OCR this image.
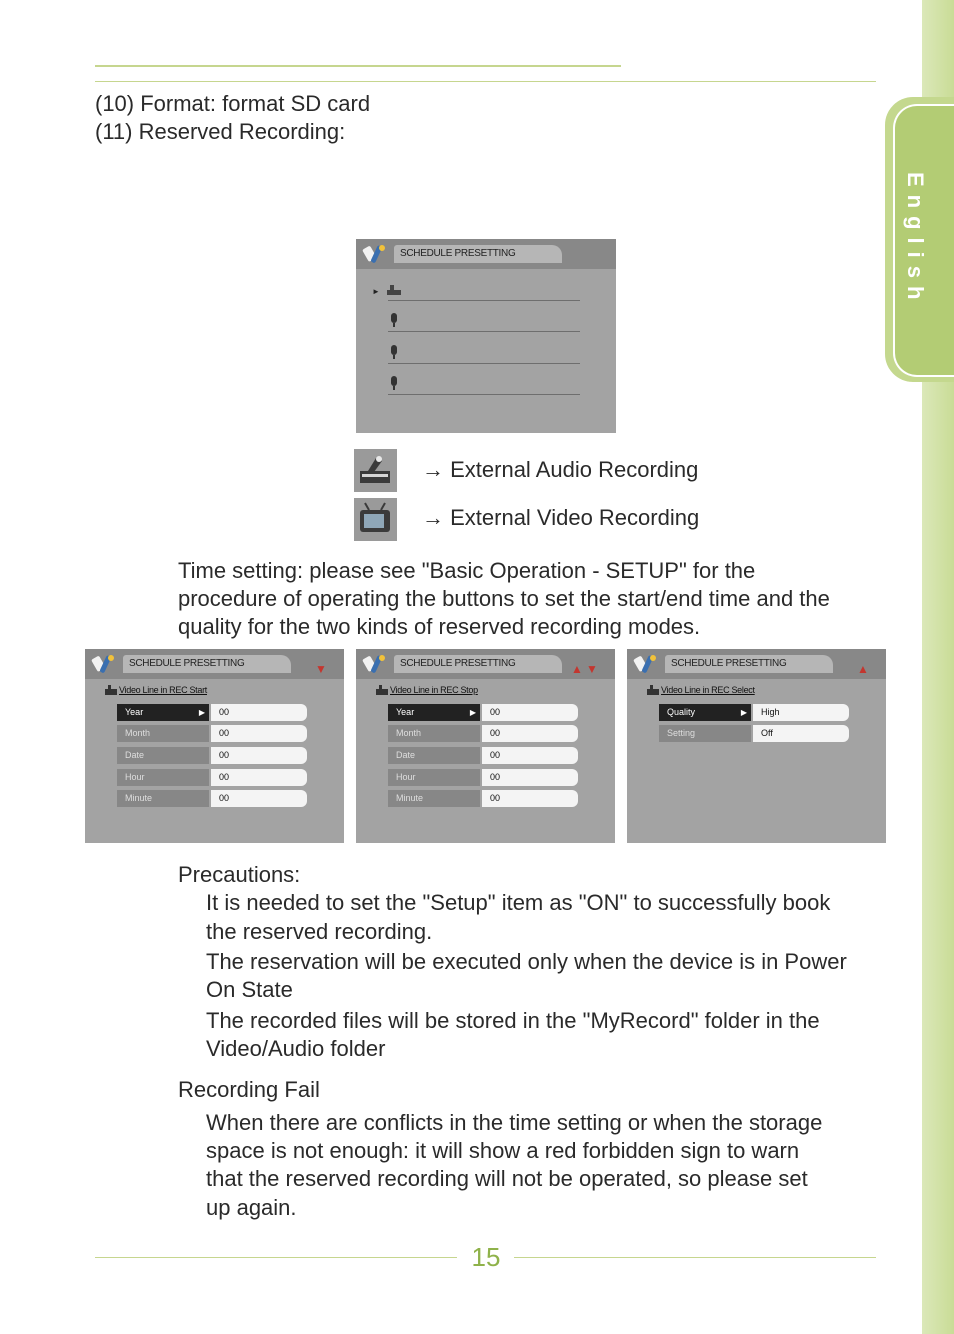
English
(10) Format: format SD card
(11) Reserved Recording:
SCHEDULE PRESETTING
►
→ External Audio Recording
→ External Video Recording
Time setting: please see "Basic Operation - SETUP" for the
procedure of operating the buttons to set the start/end time and the
quality for the two kinds of reserved recording modes.
SCHEDULE PRESETTING	▼
Video Line in REC Start
Year ▶	00
Month	00
Date	00
Hour	00
Minute	00
SCHEDULE PRESETTING	▲ ▼
Video Line in REC Stop
Year ▶	00
Month	00
Date	00
Hour	00
Minute	00
SCHEDULE PRESETTING	▲
Video Line in REC Select
Quality ▶	High
Setting	Off
Precautions:
It is needed to set the "Setup" item as "ON" to successfully book
the reserved recording.
The reservation will be executed only when the device is in Power
On State
The recorded files will be stored in the "MyRecord" folder in the
Video/Audio folder
Recording Fail
When there are conflicts in the time setting or when the storage
space is not enough: it will show a red forbidden sign to warn
that the reserved recording will not be operated, so please set
up again.
15
